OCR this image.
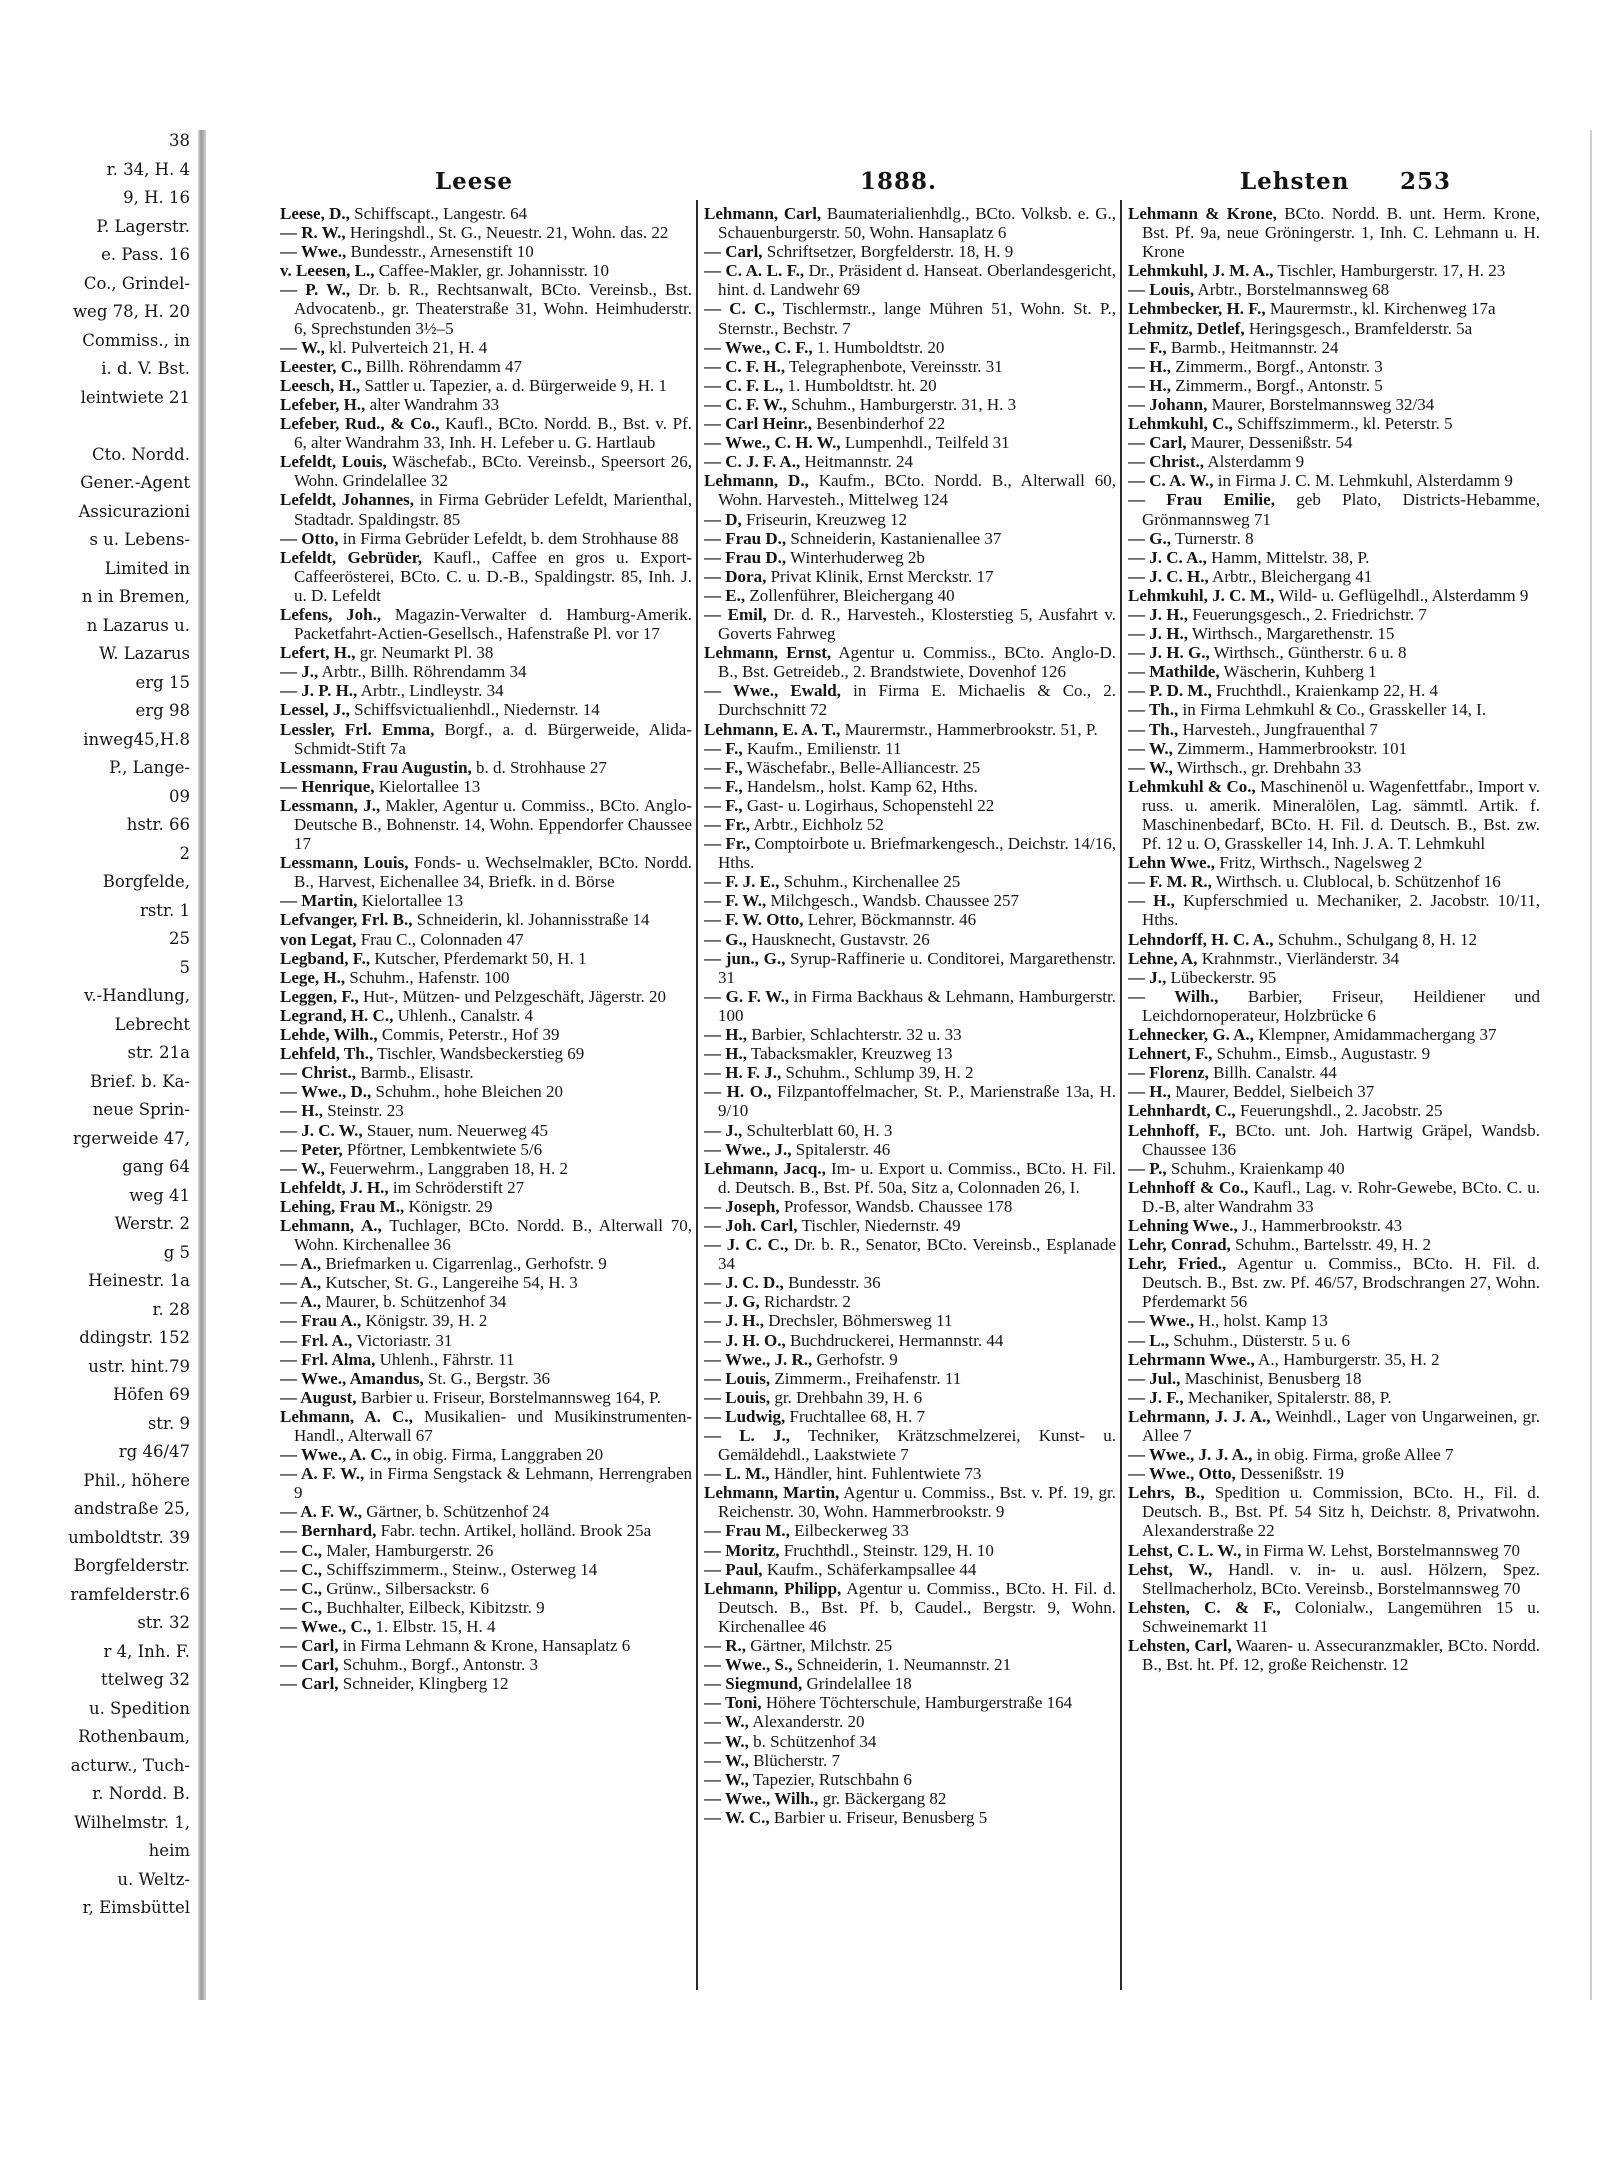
38
r. 34, H. 4
9, H. 16
P. Lagerstr.
e. Pass. 16
Co., Grindel-
weg 78, H. 20
Commiss., in
i. d. V. Bst.
leintwiete 21
Cto. Nordd.
Gener.-Agent
Assicurazioni
s u. Lebens-
Limited in
n in Bremen,
n Lazarus u.
W. Lazarus
erg 15
erg 98
inweg45,H.8
P., Lange-
09
hstr. 66
2
Borgfelde,
rstr. 1
25
5
v.-Handlung,
Lebrecht
str. 21a
Brief. b. Ka-
neue Sprin-
rgerweide 47,
gang 64
weg 41
Werstr. 2
g 5
Heinestr. 1a
r. 28
ddingstr. 152
ustr. hint.79
Höfen 69
str. 9
rg 46/47
Phil., höhere
andstraße 25,
umboldtstr. 39
Borgfelderstr.
ramfelderstr.6
str. 32
r 4, Inh. F.
ttelweg 32
u. Spedition
Rothenbaum,
acturw., Tuch-
r. Nordd. B.
Wilhelmstr. 1,
heim
u. Weltz-
r, Eimsbüttel
Leese	1888.	Lehsten 253

Leese, D., Schiffscapt., Langestr. 64

— R. W., Heringshdl., St. G., Neuestr. 21, Wohn. das. 22

— Wwe., Bundesstr., Arnesenstift 10

v. Leesen, L., Caffee-Makler, gr. Johannisstr. 10

— P. W., Dr. b. R., Rechtsanwalt, BCto. Vereinsb., Bst. Advocatenb., gr. Theaterstraße 31, Wohn. Heimhuderstr. 6, Sprechstunden 3½–5

— W., kl. Pulverteich 21, H. 4

Leester, C., Billh. Röhrendamm 47

Leesch, H., Sattler u. Tapezier, a. d. Bürgerweide 9, H. 1

Lefeber, H., alter Wandrahm 33

Lefeber, Rud., & Co., Kaufl., BCto. Nordd. B., Bst. v. Pf. 6, alter Wandrahm 33, Inh. H. Lefeber u. G. Hartlaub

Lefeldt, Louis, Wäschefab., BCto. Vereinsb., Speersort 26, Wohn. Grindelallee 32

Lefeldt, Johannes, in Firma Gebrüder Lefeldt, Marienthal, Stadtadr. Spaldingstr. 85

— Otto, in Firma Gebrüder Lefeldt, b. dem Strohhause 88

Lefeldt, Gebrüder, Kaufl., Caffee en gros u. Export-Caffeerösterei, BCto. C. u. D.-B., Spaldingstr. 85, Inh. J. u. D. Lefeldt

Lefens, Joh., Magazin-Verwalter d. Hamburg-Amerik. Packetfahrt-Actien-Gesellsch., Hafenstraße Pl. vor 17

Lefert, H., gr. Neumarkt Pl. 38

— J., Arbtr., Billh. Röhrendamm 34

— J. P. H., Arbtr., Lindleystr. 34

Lessel, J., Schiffsvictualienhdl., Niedernstr. 14

Lessler, Frl. Emma, Borgf., a. d. Bürgerweide, Alida-Schmidt-Stift 7a

Lessmann, Frau Augustin, b. d. Strohhause 27

— Henrique, Kielortallee 13

Lessmann, J., Makler, Agentur u. Commiss., BCto. Anglo-Deutsche B., Bohnenstr. 14, Wohn. Eppendorfer Chaussee 17

Lessmann, Louis, Fonds- u. Wechselmakler, BCto. Nordd. B., Harvest, Eichenallee 34, Briefk. in d. Börse

— Martin, Kielortallee 13

Lefvanger, Frl. B., Schneiderin, kl. Johannisstraße 14

von Legat, Frau C., Colonnaden 47

Legband, F., Kutscher, Pferdemarkt 50, H. 1

Lege, H., Schuhm., Hafenstr. 100

Leggen, F., Hut-, Mützen- und Pelzgeschäft, Jägerstr. 20

Legrand, H. C., Uhlenh., Canalstr. 4

Lehde, Wilh., Commis, Peterstr., Hof 39

Lehfeld, Th., Tischler, Wandsbeckerstieg 69

— Christ., Barmb., Elisastr.

— Wwe., D., Schuhm., hohe Bleichen 20

— H., Steinstr. 23

— J. C. W., Stauer, num. Neuerweg 45

— Peter, Pförtner, Lembkentwiete 5/6

— W., Feuerwehrm., Langgraben 18, H. 2

Lehfeldt, J. H., im Schröderstift 27

Lehing, Frau M., Königstr. 29

Lehmann, A., Tuchlager, BCto. Nordd. B., Alterwall 70, Wohn. Kirchenallee 36

— A., Briefmarken u. Cigarrenlag., Gerhofstr. 9

— A., Kutscher, St. G., Langereihe 54, H. 3

— A., Maurer, b. Schützenhof 34

— Frau A., Königstr. 39, H. 2

— Frl. A., Victoriastr. 31

— Frl. Alma, Uhlenh., Fährstr. 11

— Wwe., Amandus, St. G., Bergstr. 36

— August, Barbier u. Friseur, Borstelmannsweg 164, P.

Lehmann, A. C., Musikalien- und Musikinstrumenten-Handl., Alterwall 67

— Wwe., A. C., in obig. Firma, Langgraben 20

— A. F. W., in Firma Sengstack & Lehmann, Herrengraben 9

— A. F. W., Gärtner, b. Schützenhof 24

— Bernhard, Fabr. techn. Artikel, holländ. Brook 25a

— C., Maler, Hamburgerstr. 26

— C., Schiffszimmerm., Steinw., Osterweg 14

— C., Grünw., Silbersackstr. 6

— C., Buchhalter, Eilbeck, Kibitzstr. 9

— Wwe., C., 1. Elbstr. 15, H. 4

— Carl, in Firma Lehmann & Krone, Hansaplatz 6

— Carl, Schuhm., Borgf., Antonstr. 3

— Carl, Schneider, Klingberg 12

Lehmann, Carl, Baumaterialienhdlg., BCto. Volksb. e. G., Schauenburgerstr. 50, Wohn. Hansaplatz 6

— Carl, Schriftsetzer, Borgfelderstr. 18, H. 9

— C. A. L. F., Dr., Präsident d. Hanseat. Oberlandesgericht, hint. d. Landwehr 69

— C. C., Tischlermstr., lange Mühren 51, Wohn. St. P., Sternstr., Bechstr. 7

— Wwe., C. F., 1. Humboldtstr. 20

— C. F. H., Telegraphenbote, Vereinsstr. 31

— C. F. L., 1. Humboldtstr. ht. 20

— C. F. W., Schuhm., Hamburgerstr. 31, H. 3

— Carl Heinr., Besenbinderhof 22

— Wwe., C. H. W., Lumpenhdl., Teilfeld 31

— C. J. F. A., Heitmannstr. 24

Lehmann, D., Kaufm., BCto. Nordd. B., Alterwall 60, Wohn. Harvesteh., Mittelweg 124

— D, Friseurin, Kreuzweg 12

— Frau D., Schneiderin, Kastanienallee 37

— Frau D., Winterhuderweg 2b

— Dora, Privat Klinik, Ernst Merckstr. 17

— E., Zollenführer, Bleichergang 40

— Emil, Dr. d. R., Harvesteh., Klosterstieg 5, Ausfahrt v. Goverts Fahrweg

Lehmann, Ernst, Agentur u. Commiss., BCto. Anglo-D. B., Bst. Getreideb., 2. Brandstwiete, Dovenhof 126

— Wwe., Ewald, in Firma E. Michaelis & Co., 2. Durchschnitt 72

Lehmann, E. A. T., Maurermstr., Hammerbrookstr. 51, P.

— F., Kaufm., Emilienstr. 11

— F., Wäschefabr., Belle-Alliancestr. 25

— F., Handelsm., holst. Kamp 62, Hths.

— F., Gast- u. Logirhaus, Schopenstehl 22

— Fr., Arbtr., Eichholz 52

— Fr., Comptoirbote u. Briefmarkengesch., Deichstr. 14/16, Hths.

— F. J. E., Schuhm., Kirchenallee 25

— F. W., Milchgesch., Wandsb. Chaussee 257

— F. W. Otto, Lehrer, Böckmannstr. 46

— G., Hausknecht, Gustavstr. 26

— jun., G., Syrup-Raffinerie u. Conditorei, Margarethenstr. 31

— G. F. W., in Firma Backhaus & Lehmann, Hamburgerstr. 100

— H., Barbier, Schlachterstr. 32 u. 33

— H., Tabacksmakler, Kreuzweg 13

— H. F. J., Schuhm., Schlump 39, H. 2

— H. O., Filzpantoffelmacher, St. P., Marienstraße 13a, H. 9/10

— J., Schulterblatt 60, H. 3

— Wwe., J., Spitalerstr. 46

Lehmann, Jacq., Im- u. Export u. Commiss., BCto. H. Fil. d. Deutsch. B., Bst. Pf. 50a, Sitz a, Colonnaden 26, I.

— Joseph, Professor, Wandsb. Chaussee 178

— Joh. Carl, Tischler, Niedernstr. 49

— J. C. C., Dr. b. R., Senator, BCto. Vereinsb., Esplanade 34

— J. C. D., Bundesstr. 36

— J. G, Richardstr. 2

— J. H., Drechsler, Böhmersweg 11

— J. H. O., Buchdruckerei, Hermannstr. 44

— Wwe., J. R., Gerhofstr. 9

— Louis, Zimmerm., Freihafenstr. 11

— Louis, gr. Drehbahn 39, H. 6

— Ludwig, Fruchtallee 68, H. 7

— L. J., Techniker, Krätzschmelzerei, Kunst- u. Gemäldehdl., Laakstwiete 7

— L. M., Händler, hint. Fuhlentwiete 73

Lehmann, Martin, Agentur u. Commiss., Bst. v. Pf. 19, gr. Reichenstr. 30, Wohn. Hammerbrookstr. 9

— Frau M., Eilbeckerweg 33

— Moritz, Fruchthdl., Steinstr. 129, H. 10

— Paul, Kaufm., Schäferkampsallee 44

Lehmann, Philipp, Agentur u. Commiss., BCto. H. Fil. d. Deutsch. B., Bst. Pf. b, Caudel., Bergstr. 9, Wohn. Kirchenallee 46

— R., Gärtner, Milchstr. 25

— Wwe., S., Schneiderin, 1. Neumannstr. 21

— Siegmund, Grindelallee 18

— Toni, Höhere Töchterschule, Hamburgerstraße 164

— W., Alexanderstr. 20

— W., b. Schützenhof 34

— W., Blücherstr. 7

— W., Tapezier, Rutschbahn 6

— Wwe., Wilh., gr. Bäckergang 82

— W. C., Barbier u. Friseur, Benusberg 5

Lehmann & Krone, BCto. Nordd. B. unt. Herm. Krone, Bst. Pf. 9a, neue Gröningerstr. 1, Inh. C. Lehmann u. H. Krone

Lehmkuhl, J. M. A., Tischler, Hamburgerstr. 17, H. 23

— Louis, Arbtr., Borstelmannsweg 68

Lehmbecker, H. F., Maurermstr., kl. Kirchenweg 17a

Lehmitz, Detlef, Heringsgesch., Bramfelderstr. 5a

— F., Barmb., Heitmannstr. 24

— H., Zimmerm., Borgf., Antonstr. 3

— H., Zimmerm., Borgf., Antonstr. 5

— Johann, Maurer, Borstelmannsweg 32/34

Lehmkuhl, C., Schiffszimmerm., kl. Peterstr. 5

— Carl, Maurer, Dessenißstr. 54

— Christ., Alsterdamm 9

— C. A. W., in Firma J. C. M. Lehmkuhl, Alsterdamm 9

— Frau Emilie, geb Plato, Districts-Hebamme, Grönmannsweg 71

— G., Turnerstr. 8

— J. C. A., Hamm, Mittelstr. 38, P.

— J. C. H., Arbtr., Bleichergang 41

Lehmkuhl, J. C. M., Wild- u. Geflügelhdl., Alsterdamm 9

— J. H., Feuerungsgesch., 2. Friedrichstr. 7

— J. H., Wirthsch., Margarethenstr. 15

— J. H. G., Wirthsch., Güntherstr. 6 u. 8

— Mathilde, Wäscherin, Kuhberg 1

— P. D. M., Fruchthdl., Kraienkamp 22, H. 4

— Th., in Firma Lehmkuhl & Co., Grasskeller 14, I.

— Th., Harvesteh., Jungfrauenthal 7

— W., Zimmerm., Hammerbrookstr. 101

— W., Wirthsch., gr. Drehbahn 33

Lehmkuhl & Co., Maschinenöl u. Wagenfettfabr., Import v. russ. u. amerik. Mineralölen, Lag. sämmtl. Artik. f. Maschinenbedarf, BCto. H. Fil. d. Deutsch. B., Bst. zw. Pf. 12 u. O, Grasskeller 14, Inh. J. A. T. Lehmkuhl

Lehn Wwe., Fritz, Wirthsch., Nagelsweg 2

— F. M. R., Wirthsch. u. Clublocal, b. Schützenhof 16

— H., Kupferschmied u. Mechaniker, 2. Jacobstr. 10/11, Hths.

Lehndorff, H. C. A., Schuhm., Schulgang 8, H. 12

Lehne, A, Krahnmstr., Vierländerstr. 34

— J., Lübeckerstr. 95

— Wilh., Barbier, Friseur, Heildiener und Leichdornoperateur, Holzbrücke 6

Lehnecker, G. A., Klempner, Amidammachergang 37

Lehnert, F., Schuhm., Eimsb., Augustastr. 9

— Florenz, Billh. Canalstr. 44

— H., Maurer, Beddel, Sielbeich 37

Lehnhardt, C., Feuerungshdl., 2. Jacobstr. 25

Lehnhoff, F., BCto. unt. Joh. Hartwig Gräpel, Wandsb. Chaussee 136

— P., Schuhm., Kraienkamp 40

Lehnhoff & Co., Kaufl., Lag. v. Rohr-Gewebe, BCto. C. u. D.-B, alter Wandrahm 33

Lehning Wwe., J., Hammerbrookstr. 43

Lehr, Conrad, Schuhm., Bartelsstr. 49, H. 2

Lehr, Fried., Agentur u. Commiss., BCto. H. Fil. d. Deutsch. B., Bst. zw. Pf. 46/57, Brodschrangen 27, Wohn. Pferdemarkt 56

— Wwe., H., holst. Kamp 13

— L., Schuhm., Düsterstr. 5 u. 6

Lehrmann Wwe., A., Hamburgerstr. 35, H. 2

— Jul., Maschinist, Benusberg 18

— J. F., Mechaniker, Spitalerstr. 88, P.

Lehrmann, J. J. A., Weinhdl., Lager von Ungarweinen, gr. Allee 7

— Wwe., J. J. A., in obig. Firma, große Allee 7

— Wwe., Otto, Dessenißstr. 19

Lehrs, B., Spedition u. Commission, BCto. H., Fil. d. Deutsch. B., Bst. Pf. 54 Sitz h, Deichstr. 8, Privatwohn. Alexanderstraße 22

Lehst, C. L. W., in Firma W. Lehst, Borstelmannsweg 70

Lehst, W., Handl. v. in- u. ausl. Hölzern, Spez. Stellmacherholz, BCto. Vereinsb., Borstelmannsweg 70

Lehsten, C. & F., Colonialw., Langemühren 15 u. Schweinemarkt 11

Lehsten, Carl, Waaren- u. Assecuranzmakler, BCto. Nordd. B., Bst. ht. Pf. 12, große Reichenstr. 12
